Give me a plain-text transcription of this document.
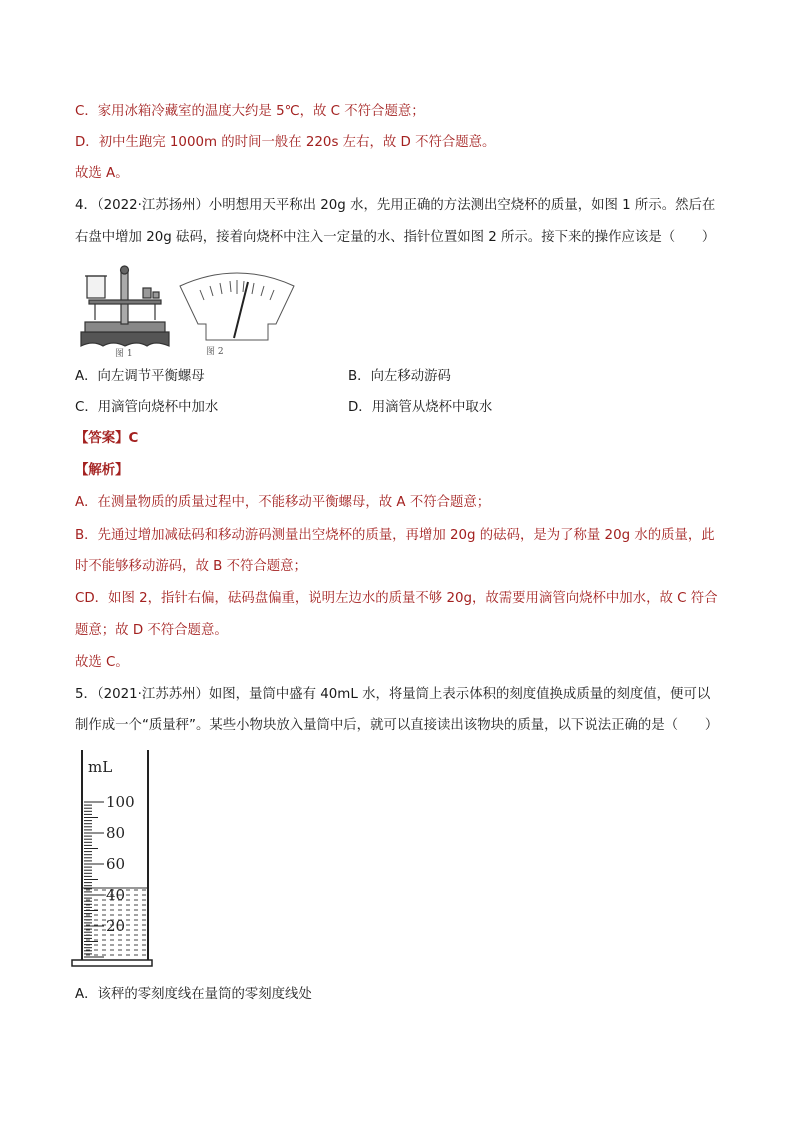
C．家用冰箱冷藏室的温度大约是 5℃，故 C 不符合题意；
D．初中生跑完 1000m 的时间一般在 220s 左右，故 D 不符合题意。
故选 A。
4．（2022·江苏扬州）小明想用天平称出 20g 水，先用正确的方法测出空烧杯的质量，如图 1 所示。然后在
右盘中增加 20g 砝码，接着向烧杯中注入一定量的水、指针位置如图 2 所示。接下来的操作应该是（　　）
图 1	图 2
A．向左调节平衡螺母	B．向左移动游码
C．用滴管向烧杯中加水	D．用滴管从烧杯中取水
【答案】C
【解析】
A．在测量物质的质量过程中，不能移动平衡螺母，故 A 不符合题意；
B．先通过增加减砝码和移动游码测量出空烧杯的质量，再增加 20g 的砝码，是为了称量 20g 水的质量，此
时不能够移动游码，故 B 不符合题意；
CD．如图 2，指针右偏，砝码盘偏重，说明左边水的质量不够 20g，故需要用滴管向烧杯中加水，故 C 符合
题意；故 D 不符合题意。
故选 C。
5．（2021·江苏苏州）如图，量筒中盛有 40mL 水，将量筒上表示体积的刻度值换成质量的刻度值，便可以
制作成一个“质量秤”。某些小物块放入量筒中后，就可以直接读出该物块的质量，以下说法正确的是（　　）
mL
100
80
60
40
20
A．该秤的零刻度线在量筒的零刻度线处
